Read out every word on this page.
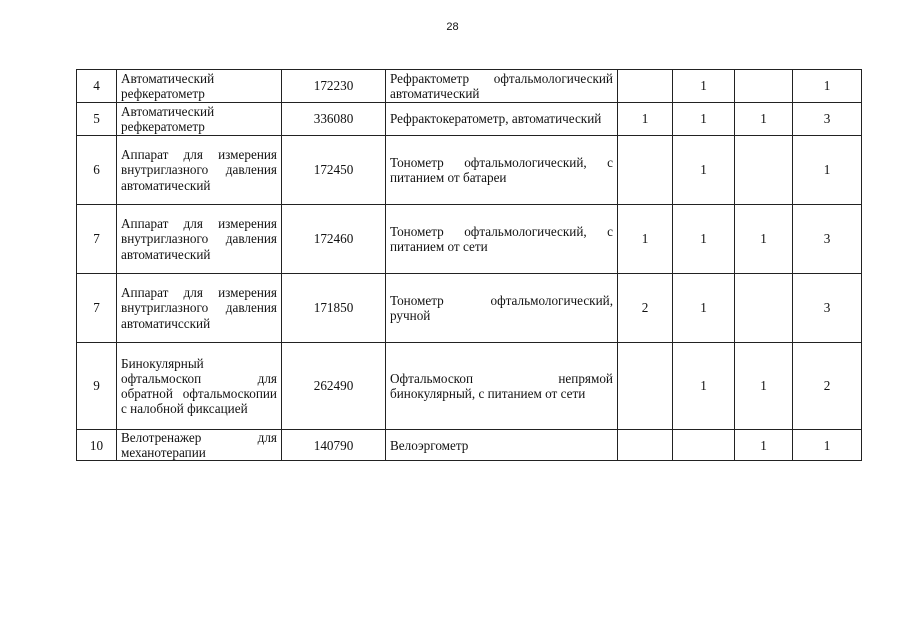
28
4	Автоматический рефкератометр	172230	Рефрактометр офтальмологический автоматический		1		1
5	Автоматический рефкератометр	336080	Рефрактокератометр, автоматический	1	1	1	3
6	Аппарат для измерения внутриглазного давления автоматический	172450	Тонометр офтальмологический, с питанием от батареи		1		1
7	Аппарат для измерения внутриглазного давления автоматический	172460	Тонометр офтальмологический, с питанием от сети	1	1	1	3
7	Аппарат для измерения внутриглазного давления автоматичсский	171850	Тонометр офтальмологический, ручной	2	1		3
9	Бинокулярный офтальмоскоп для обратной офтальмоскопии с налобной фиксацией	262490	Офтальмоскоп непрямой бинокулярный, с питанием от сети		1	1	2
10	Велотренажер для механотерапии	140790	Велоэргометр			1	1
